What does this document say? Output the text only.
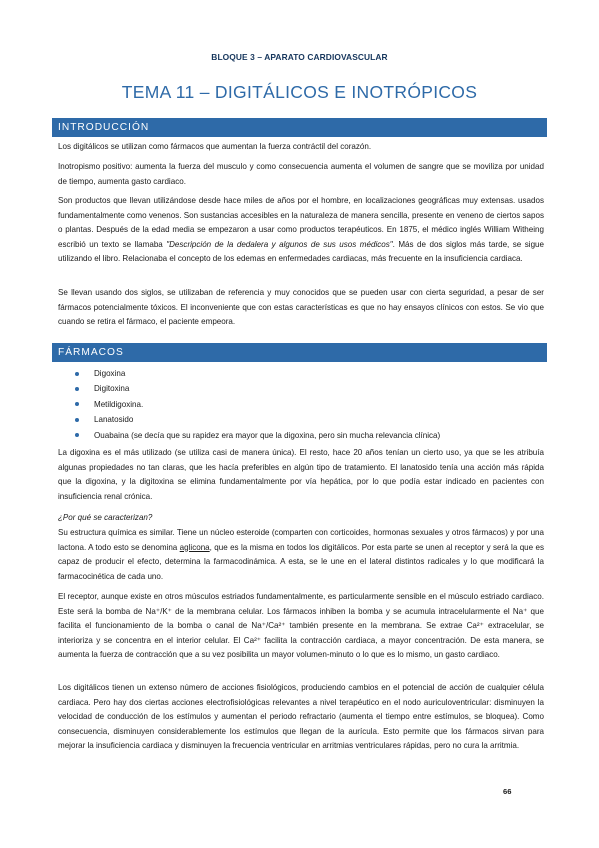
BLOQUE 3 – APARATO CARDIOVASCULAR
TEMA 11 – DIGITÁLICOS E INOTRÓPICOS
INTRODUCCIÓN

Los digitálicos se utilizan como fármacos que aumentan la fuerza contráctil del corazón.

Inotropismo positivo: aumenta la fuerza del musculo y como consecuencia aumenta el volumen de sangre que se moviliza por unidad de tiempo, aumenta gasto cardiaco.

Son productos que llevan utilizándose desde hace miles de años por el hombre, en localizaciones geográficas muy extensas. usados fundamentalmente como venenos. Son sustancias accesibles en la naturaleza de manera sencilla, presente en veneno de ciertos sapos o plantas. Después de la edad media se empezaron a usar como productos terapéuticos. En 1875, el médico inglés William Witheing escribió un texto se llamaba "Descripción de la dedalera y algunos de sus usos médicos". Más de dos siglos más tarde, se sigue utilizando el libro. Relacionaba el concepto de los edemas en enfermedades cardiacas, más frecuente en la insuficiencia cardiaca.

Se llevan usando dos siglos, se utilizaban de referencia y muy conocidos que se pueden usar con cierta seguridad, a pesar de ser fármacos potencialmente tóxicos. El inconveniente que con estas características es que no hay ensayos clínicos con estos. Se vio que cuando se retira el fármaco, el paciente empeora.

FÁRMACOS
Digoxina
Digitoxina
Metildigoxina.
Lanatosido
Ouabaina (se decía que su rapidez era mayor que la digoxina, pero sin mucha relevancia clínica)

La digoxina es el más utilizado (se utiliza casi de manera única). El resto, hace 20 años tenían un cierto uso, ya que se les atribuía algunas propiedades no tan claras, que les hacía preferibles en algún tipo de tratamiento. El lanatosido tenía una acción más rápida que la digoxina, y la digitoxina se elimina fundamentalmente por vía hepática, por lo que podía estar indicado en pacientes con insuficiencia renal crónica.

¿Por qué se caracterizan?

Su estructura química es similar. Tiene un núcleo esteroide (comparten con corticoides, hormonas sexuales y otros fármacos) y por una lactona. A todo esto se denomina aglicona, que es la misma en todos los digitálicos. Por esta parte se unen al receptor y será la que es capaz de producir el efecto, determina la farmacodinámica. A esta, se le une en el lateral distintos radicales y lo que modificará la farmacocinética de cada uno.

El receptor, aunque existe en otros músculos estriados fundamentalmente, es particularmente sensible en el músculo estriado cardiaco. Este será la bomba de Na⁺/K⁺ de la membrana celular. Los fármacos inhiben la bomba y se acumula intracelularmente el Na⁺ que facilita el funcionamiento de la bomba o canal de Na⁺/Ca²⁺ también presente en la membrana. Se extrae Ca²⁺ extracelular, se interioriza y se concentra en el interior celular. El Ca²⁺ facilita la contracción cardiaca, a mayor concentración. De esta manera, se aumenta la fuerza de contracción que a su vez posibilita un mayor volumen-minuto o lo que es lo mismo, un gasto cardiaco.

Los digitálicos tienen un extenso número de acciones fisiológicos, produciendo cambios en el potencial de acción de cualquier célula cardiaca. Pero hay dos ciertas acciones electrofisiológicas relevantes a nivel terapéutico en el nodo auriculoventricular: disminuyen la velocidad de conducción de los estímulos y aumentan el periodo refractario (aumenta el tiempo entre estímulos, se bloquea). Como consecuencia, disminuyen considerablemente los estímulos que llegan de la aurícula. Esto permite que los fármacos sirvan para mejorar la insuficiencia cardiaca y disminuyen la frecuencia ventricular en arritmias ventriculares rápidas, pero no cura la arritmia.

66
